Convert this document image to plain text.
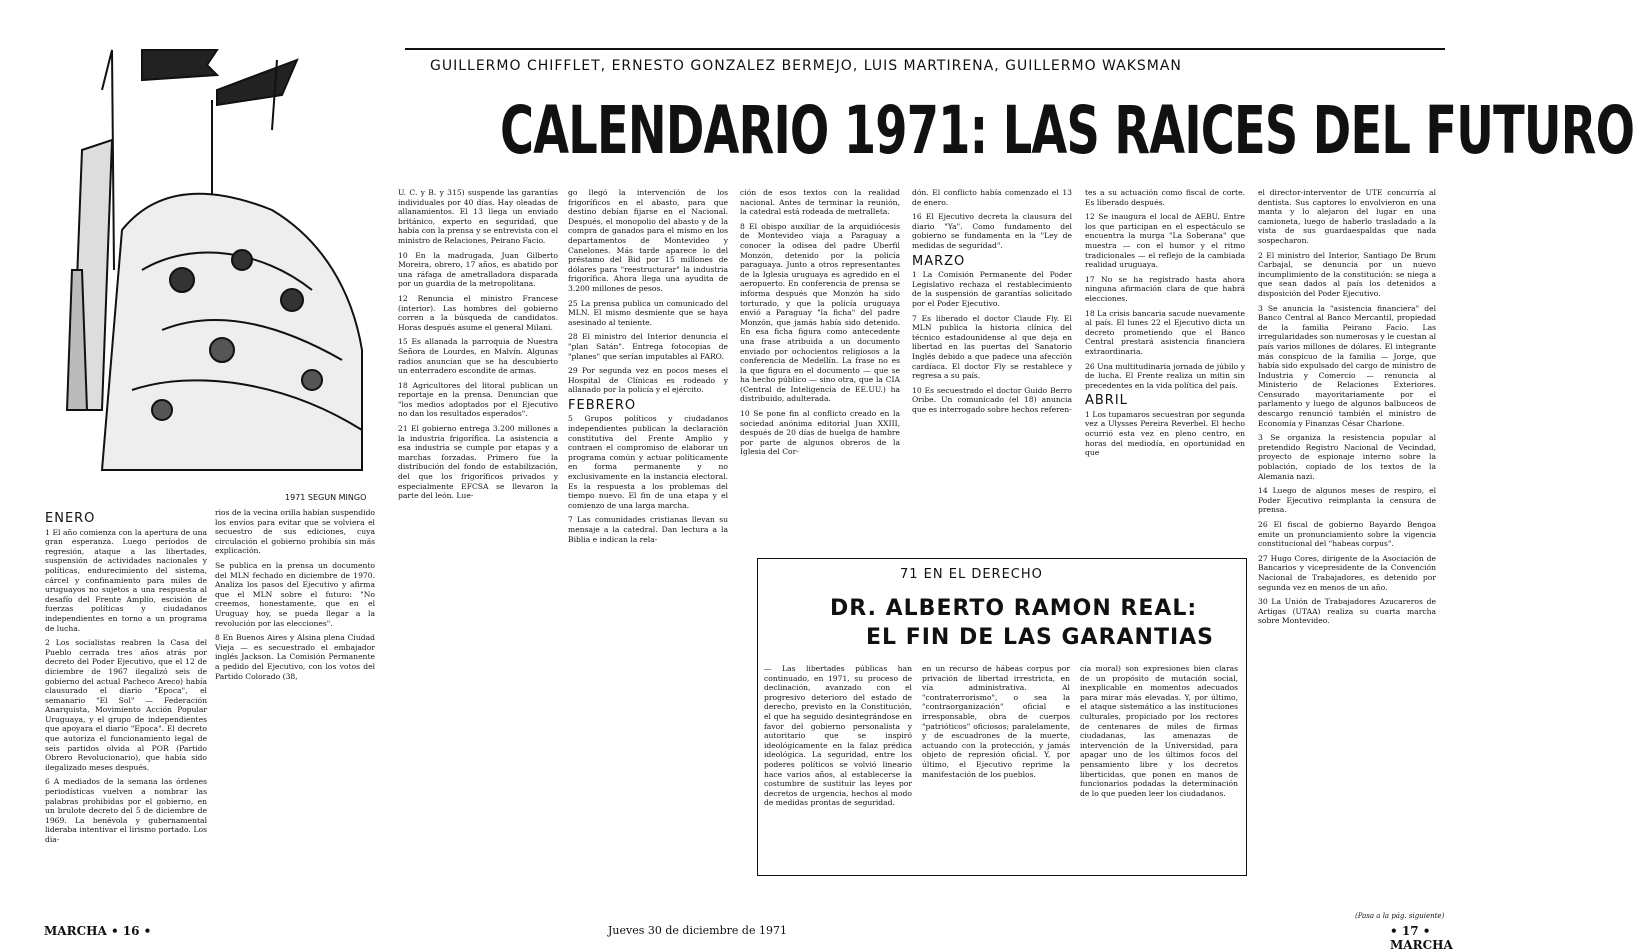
GUILLERMO CHIFFLET, ERNESTO GONZALEZ BERMEJO, LUIS MARTIRENA, GUILLERMO WAKSMAN
CALENDARIO 1971: LAS RAICES DEL FUTURO
1971 SEGUN MINGO
ENERO

1 El año comienza con la apertura de una gran esperanza. Luego períodos de regresión, ataque a las libertades, suspensión de actividades nacionales y políticas, endurecimiento del sistema, cárcel y confinamiento para miles de uruguayos no sujetos a una respuesta al desafío del Frente Amplio, escisión de fuerzas políticas y ciudadanos independientes en torno a un programa de lucha.

2 Los socialistas reabren la Casa del Pueblo cerrada tres años atrás por decreto del Poder Ejecutivo, que el 12 de diciembre de 1967 ilegalizó seis de gobierno del actual Pacheco Areco) había clausurado el diario "Epoca", el semanario "El Sol" — Federación Anarquista, Movimiento Acción Popular Uruguaya, y el grupo de independientes que apoyara el diario "Epoca". El decreto que autoriza el funcionamiento legal de seis partidos olvida al POR (Partido Obrero Revolucionario), que había sido ilegalizado meses después.

6 A mediados de la semana las órdenes periodísticas vuelven a nombrar las palabras prohibidas por el gobierno, en un brulote decreto del 5 de diciembre de 1969. La benévola y gubernamental lideraba intentivar el lirismo portado. Los dia-

rios de la vecina orilla habían suspendido los envíos para evitar que se volviera el secuestro de sus ediciones, cuya circulación el gobierno prohibía sin más explicación.

Se publica en la prensa un documento del MLN fechado en diciembre de 1970. Analiza los pasos del Ejecutivo y afirma que el MLN sobre el futuro: "No creemos, honestamente, que en el Uruguay hoy, se pueda llegar a la revolución por las elecciones".

8 En Buenos Aires y Alsina plena Ciudad Vieja — es secuestrado el embajador inglés Jackson. La Comisión Permanente a pedido del Ejecutivo, con los votos del Partido Colorado (38,

U. C. y B. y 315) suspende las garantías individuales por 40 días. Hay oleadas de allanamientos. El 13 llega un enviado británico, experto en seguridad, que había con la prensa y se entrevista con el ministro de Relaciones, Peirano Facio.

10 En la madrugada, Juan Gilberto Moreira, obrero, 17 años, es abatido por una ráfaga de ametralladora disparada por un guardia de la metropolitana.

12 Renuncia el ministro Francese (interior). Las hombres del gobierno corren a la búsqueda de candidatos. Horas después asume el general Milani.

15 Es allanada la parroquia de Nuestra Señora de Lourdes, en Malvín. Algunas radios anuncian que se ha descubierto un enterradero escondite de armas.

18 Agricultores del litoral publican un reportaje en la prensa. Denuncian que "los medios adoptados por el Ejecutivo no dan los resultados esperados".

21 El gobierno entrega 3.200 millones a la industria frigorífica. La asistencia a esa industria se cumple por etapas y a marchas forzadas. Primero fue la distribución del fondo de estabilización, del que los frigoríficos privados y especialmente EFCSA se llevaron la parte del león. Lue-

go llegó la intervención de los frigoríficos en el abasto, para que destino debían fijarse en el Nacional. Después, el monopolio del abasto y de la compra de ganados para el mismo en los departamentos de Montevideo y Canelones. Más tarde aparece lo del préstamo del Bid por 15 millones de dólares para "reestructurar" la industria frigorífica. Ahora llega una ayudita de 3.200 millones de pesos.

25 La prensa publica un comunicado del MLN. El mismo desmiente que se haya asesinado al teniente.

28 El ministro del Interior denuncia el "plan Satán". Entrega fotocopias de "planes" que serían imputables al FARO.

29 Por segunda vez en pocos meses el Hospital de Clínicas es rodeado y allanado por la policía y el ejército.

FEBRERO

5 Grupos políticos y ciudadanos independientes publican la declaración constitutiva del Frente Amplio y contraen el compromiso de elaborar un programa común y actuar políticamente en forma permanente y no exclusivamente en la instancia electoral. Es la respuesta a los problemas del tiempo nuevo. El fin de una etapa y el comienzo de una larga marcha.

7 Las comunidades cristianas llevan su mensaje a la catedral. Dan lectura a la Biblia e indican la rela-

ción de esos textos con la realidad nacional. Antes de terminar la reunión, la catedral está rodeada de metralleta.

8 El obispo auxiliar de la arquidiócesis de Montevideo viaja a Paraguay a conocer la odisea del padre Uberfil Monzón, detenido por la policía paraguaya. Junto a otros representantes de la Iglesia uruguaya es agredido en el aeropuerto. En conferencia de prensa se informa después que Monzón ha sido torturado, y que la policía uruguaya envió a Paraguay "la ficha" del padre Monzón, que jamás había sido detenido. En esa ficha figura como antecedente una frase atribuida a un documento enviado por ochocientos religiosos a la conferencia de Medellín. La frase no es la que figura en el documento — que se ha hecho público — sino otra, que la CIA (Central de Inteligencia de EE.UU.) ha distribuido, adulterada.

10 Se pone fin al conflicto creado en la sociedad anónima editorial Juan XXIII, después de 20 días de huelga de hambre por parte de algunos obreros de la Iglesia del Cor-

dón. El conflicto había comenzado el 13 de enero.

16 El Ejecutivo decreta la clausura del diario "Ya". Como fundamento del gobierno se fundamenta en la "Ley de medidas de seguridad".

MARZO

1 La Comisión Permanente del Poder Legislativo rechaza el restablecimiento de la suspensión de garantías solicitado por el Poder Ejecutivo.

7 Es liberado el doctor Claude Fly. El MLN publica la historia clínica del técnico estadounidense al que deja en libertad en las puertas del Sanatorio Inglés debido a que padece una afección cardíaca. El doctor Fly se restablece y regresa a su país.

10 Es secuestrado el doctor Guido Berro Oribe. Un comunicado (el 18) anuncia que es interrogado sobre hechos referen-

tes a su actuación como fiscal de corte. Es liberado después.

12 Se inaugura el local de AEBU. Entre los que participan en el espectáculo se encuentra la murga "La Soberana" que muestra — con el humor y el ritmo tradicionales — el reflejo de la cambiada realidad uruguaya.

17 No se ha registrado hasta ahora ninguna afirmación clara de que habrá elecciones.

18 La crisis bancaria sacude nuevamente al país. El lunes 22 el Ejecutivo dicta un decreto prometiendo que el Banco Central prestará asistencia financiera extraordinaria.

26 Una multitudinaria jornada de júbilo y de lucha. El Frente realiza un mitin sin precedentes en la vida política del país.

ABRIL

1 Los tupamaros secuestran por segunda vez a Ulysses Pereira Reverbel. El hecho ocurrió esta vez en pleno centro, en horas del mediodía, en oportunidad en que

el director-interventor de UTE concurría al dentista. Sus captores lo envolvieron en una manta y lo alejaron del lugar en una camioneta, luego de haberlo trasladado a la vista de sus guardaespaldas que nada sospecharon.

2 El ministro del Interior, Santiago De Brum Carbajal, se denuncia por un nuevo incumplimiento de la constitución: se niega a que sean dados al país los detenidos a disposición del Poder Ejecutivo.

3 Se anuncia la "asistencia financiera" del Banco Central al Banco Mercantil, propiedad de la familia Peirano Facio. Las irregularidades son numerosas y le cuestan al país varios millones de dólares. El integrante más conspicuo de la familia — Jorge, que había sido expulsado del cargo de ministro de Industria y Comercio — renuncia al Ministerio de Relaciones Exteriores. Censurado mayoritariamente por el parlamento y luego de algunos balbuceos de descargo renunció también el ministro de Economía y Finanzas César Charlone.

3 Se organiza la resistencia popular al pretendido Registro Nacional de Vecindad, proyecto de espionaje interno sobre la población, copiado de los textos de la Alemania nazi.

14 Luego de algunos meses de respiro, el Poder Ejecutivo reimplanta la censura de prensa.

26 El fiscal de gobierno Bayardo Bengoa emite un pronunciamiento sobre la vigencia constitucional del "habeas corpus".

27 Hugo Cores, dirigente de la Asociación de Bancarios y vicepresidente de la Convención Nacional de Trabajadores, es detenido por segunda vez en menos de un año.

30 La Unión de Trabajadores Azucareros de Artigas (UTAA) realiza su cuarta marcha sobre Montevideo.

(Pasa a la pág. siguiente)
71 EN EL DERECHO
DR. ALBERTO RAMON REAL:
EL FIN DE LAS GARANTIAS

— Las libertades públicas han continuado, en 1971, su proceso de declinación, avanzado con el progresivo deterioro del estado de derecho, previsto en la Constitución, el que ha seguido desintegrándose en favor del gobierno personalista y autoritario que se inspiró ideológicamente en la falaz prédica ideológica. La seguridad, entre los poderes políticos se volvió lineario hace varios años, al establecerse la costumbre de sustituir las leyes por decretos de urgencia, hechos al modo de medidas prontas de seguridad.

en un recurso de hábeas corpus por privación de libertad irrestricta, en vía administrativa. Al "contraterrorismo", o sea la "contraorganización" oficial e irresponsable, obra de cuerpos "patrióticos" oficiosos; paralelamente, y de escuadrones de la muerte, actuando con la protección, y jamás objeto de represión oficial. Y, por último, el Ejecutivo reprime la manifestación de los pueblos.

cia moral) son expresiones bien claras de un propósito de mutación social, inexplicable en momentos adecuados para mirar más elevadas. Y, por último, el ataque sistemático a las instituciones culturales, propiciado por los rectores de centenares de miles de firmas ciudadanas, las amenazas de intervención de la Universidad, para apagar uno de los últimos focos del pensamiento libre y los decretos liberticidas, que ponen en manos de funcionarios podadas la determinación de lo que pueden leer los ciudadanos.

MARCHA • 16 •	Jueves 30 de diciembre de 1971	• 17 • MARCHA
